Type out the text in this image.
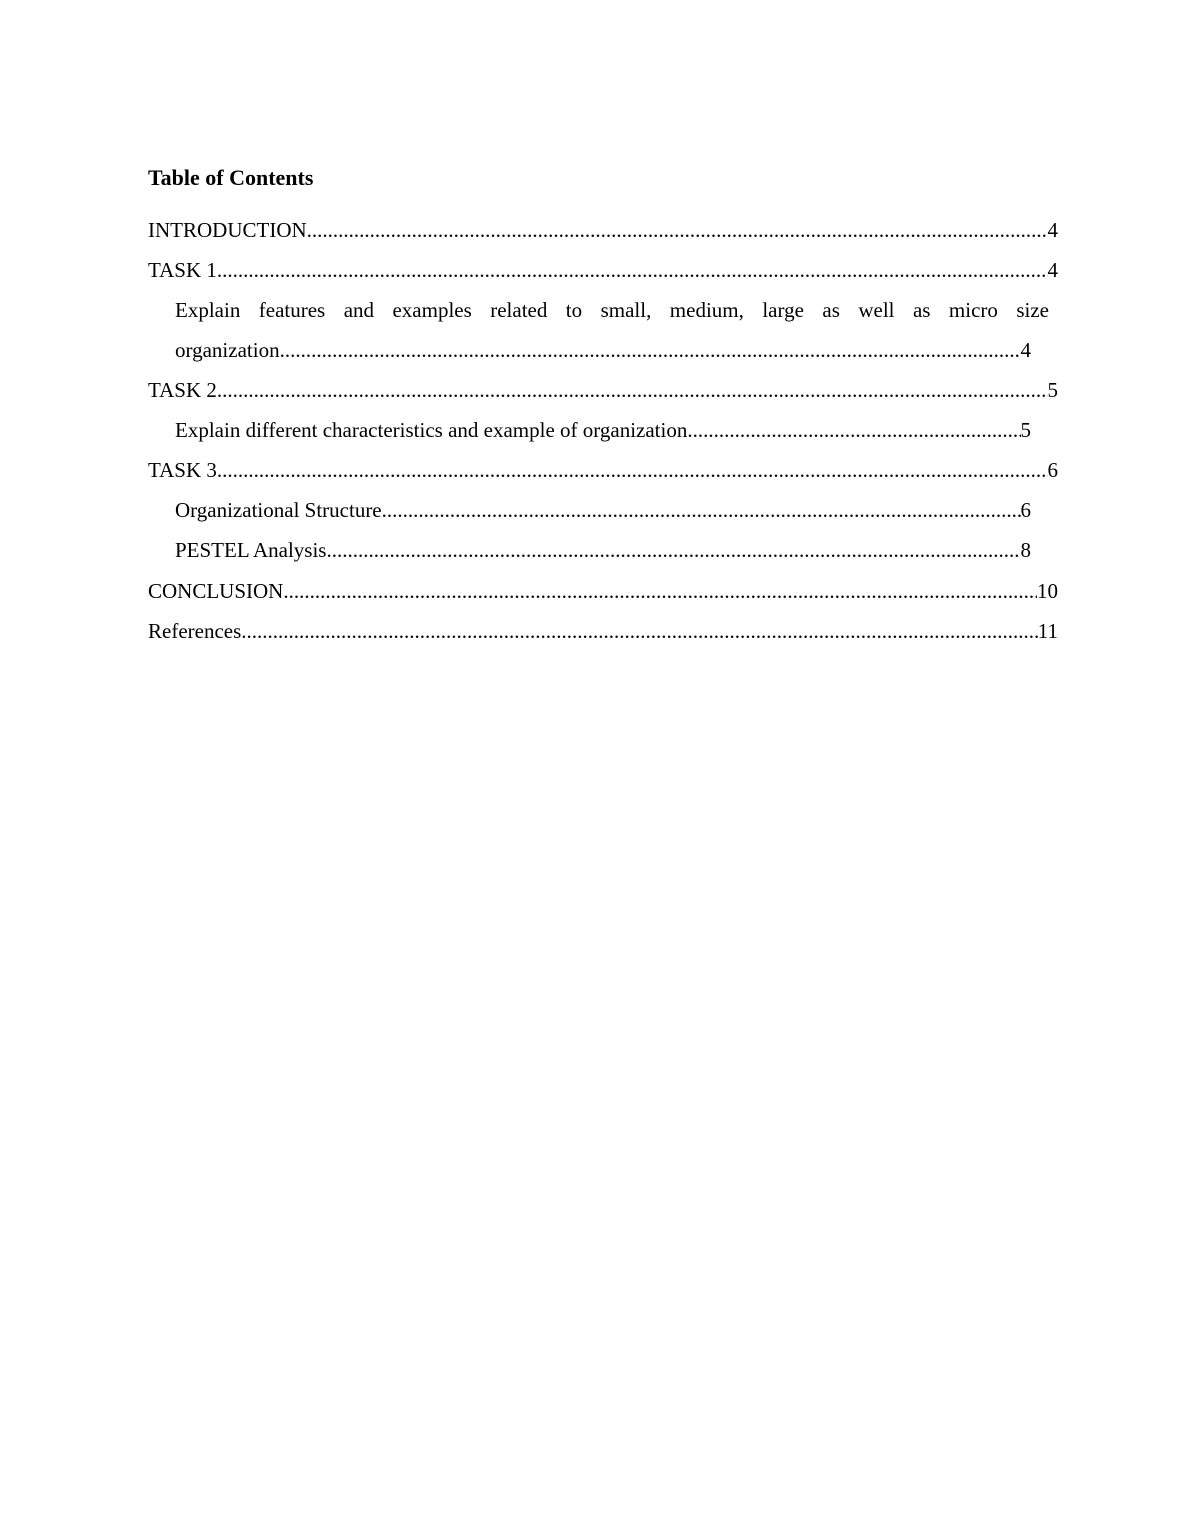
Table of Contents
INTRODUCTION .....	4
TASK 1 .....	4
Explain features and examples related to small, medium, large as well as micro size
organization .....	4
TASK 2 .....	5
Explain different characteristics and example of organization .....	5
TASK 3 .....	6
Organizational Structure .....	6
PESTEL Analysis .....	8
CONCLUSION .....	10
References .....	11
